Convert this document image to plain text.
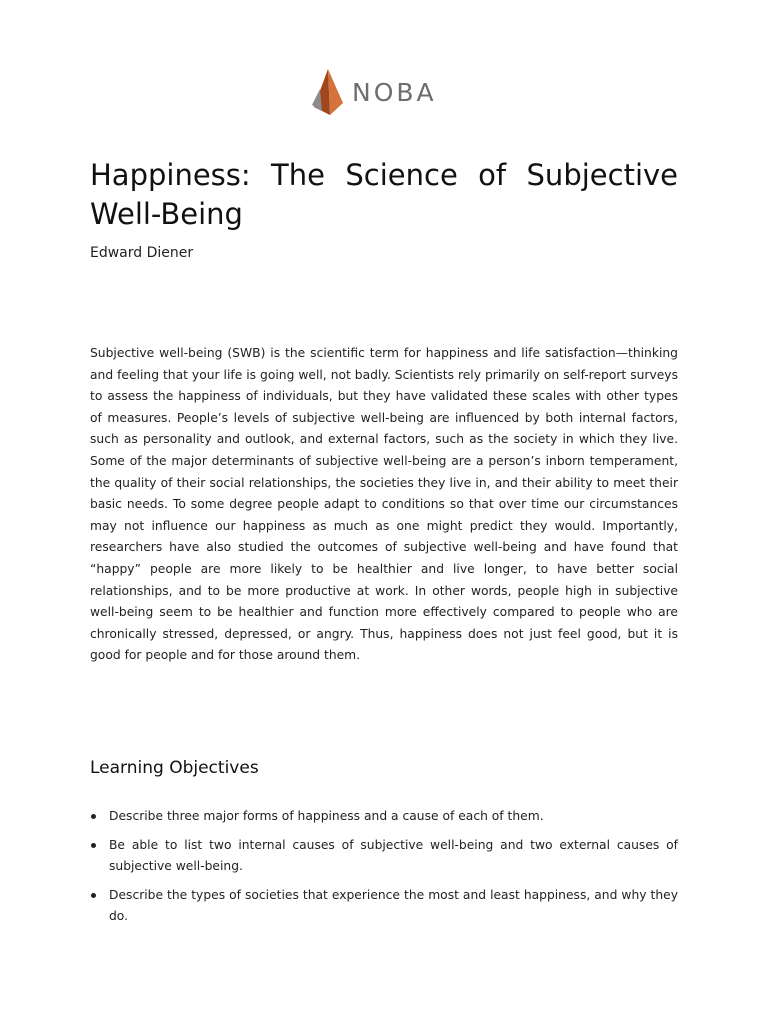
NOBA
Happiness: The Science of Subjective Well-Being
Edward Diener

Subjective well-being (SWB) is the scientific term for happiness and life satisfaction—thinking and feeling that your life is going well, not badly. Scientists rely primarily on self-report surveys to assess the happiness of individuals, but they have validated these scales with other types of measures. People’s levels of subjective well-being are influenced by both internal factors, such as personality and outlook, and external factors, such as the society in which they live. Some of the major determinants of subjective well-being are a person’s inborn temperament, the quality of their social relationships, the societies they live in, and their ability to meet their basic needs. To some degree people adapt to conditions so that over time our circumstances may not influence our happiness as much as one might predict they would. Importantly, researchers have also studied the outcomes of subjective well-being and have found that “happy” people are more likely to be healthier and live longer, to have better social relationships, and to be more productive at work. In other words, people high in subjective well-being seem to be healthier and function more effectively compared to people who are chronically stressed, depressed, or angry. Thus, happiness does not just feel good, but it is good for people and for those around them.

Learning Objectives
Describe three major forms of happiness and a cause of each of them.
Be able to list two internal causes of subjective well-being and two external causes of subjective well-being.
Describe the types of societies that experience the most and least happiness, and why they do.
